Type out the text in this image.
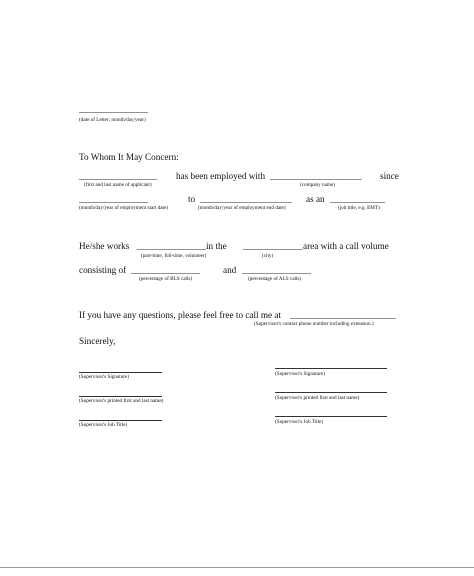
_______________
(date of Letter; month/day/year)
To Whom It May Concern:
_________________ has been employed with ____________________ since
(first and last name of applicant)	(company name)
_______________	to ____________________ as an ____________
(month/day/year of employment start date)	(month/day/year of employment end date)	(job title, e.g. EMT)
He/she works _______________ in the _____________ area with a call volume
(part-time, full-time, volunteer)	(city)
consisting of _______________	and _______________
(percentage of BLS calls)	(percentage of ALS calls)
If you have any questions, please feel free to call me at _______________________
(Supervisor's contact phone number including extension.)
Sincerely,
(Supervisor's Signature)
(Supervisor's printed first and last name)
(Supervisor's Job Title)
(Supervisor's Signature)
(Supervisor's printed first and last name)
(Supervisor's Job Title)
